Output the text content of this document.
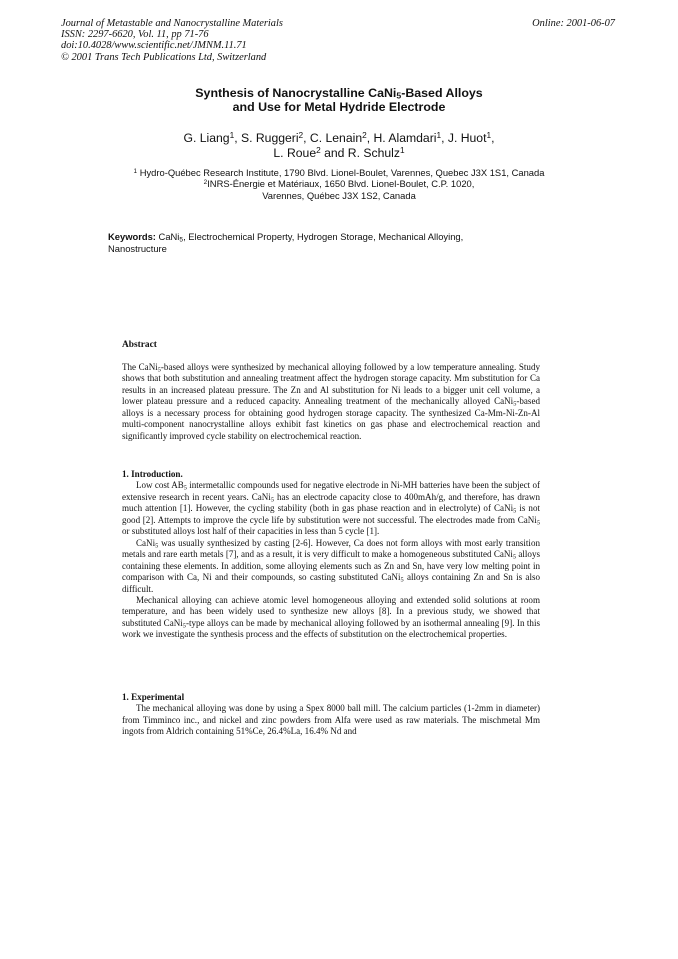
Journal of Metastable and Nanocrystalline Materials
ISSN: 2297-6620, Vol. 11, pp 71-76
doi:10.4028/www.scientific.net/JMNM.11.71
© 2001 Trans Tech Publications Ltd, Switzerland
Online: 2001-06-07
Synthesis of Nanocrystalline CaNi$_5$-Based Alloys
and Use for Metal Hydride Electrode
G. Liang$^1$, S. Ruggeri$^2$, C. Lenain$^2$, H. Alamdari$^1$, J. Huot$^1$,
L. Roue$^2$ and R. Schulz$^1$
$^1$ Hydro-Québec Research Institute, 1790 Blvd. Lionel-Boulet, Varennes, Quebec J3X 1S1, Canada
$^2$INRS-Énergie et Matériaux, 1650 Blvd. Lionel-Boulet, C.P. 1020,
Varennes, Québec J3X 1S2, Canada
Keywords: CaNi$_5$, Electrochemical Property, Hydrogen Storage, Mechanical Alloying,
Nanostructure
Abstract

The CaNi$_5$-based alloys were synthesized by mechanical alloying followed by a low temperature annealing. Study shows that both substitution and annealing treatment affect the hydrogen storage capacity. Mm substitution for Ca results in an increased plateau pressure. The Zn and Al substitution for Ni leads to a bigger unit cell volume, a lower plateau pressure and a reduced capacity. Annealing treatment of the mechanically alloyed CaNi$_5$-based alloys is a necessary process for obtaining good hydrogen storage capacity. The synthesized Ca-Mm-Ni-Zn-Al multi-component nanocrystalline alloys exhibit fast kinetics on gas phase and electrochemical reaction and significantly improved cycle stability on electrochemical reaction.

1. Introduction.

Low cost $AB_5$ intermetallic compounds used for negative electrode in Ni-MH batteries have been the subject of extensive research in recent years. CaNi$_5$ has an electrode capacity close to 400mAh/g, and therefore, has drawn much attention [1]. However, the cycling stability (both in gas phase reaction and in electrolyte) of CaNi$_5$ is not good [2]. Attempts to improve the cycle life by substitution were not successful. The electrodes made from CaNi$_5$ or substituted alloys lost half of their capacities in less than 5 cycle [1].

CaNi$_5$ was usually synthesized by casting [2-6]. However, Ca does not form alloys with most early transition metals and rare earth metals [7], and as a result, it is very difficult to make a homogeneous substituted CaNi$_5$ alloys containing these elements. In addition, some alloying elements such as Zn and Sn, have very low melting point in comparison with Ca, Ni and their compounds, so casting substituted CaNi$_5$ alloys containing Zn and Sn is also difficult.

Mechanical alloying can achieve atomic level homogeneous alloying and extended solid solutions at room temperature, and has been widely used to synthesize new alloys [8]. In a previous study, we showed that substituted CaNi$_5$-type alloys can be made by mechanical alloying followed by an isothermal annealing [9]. In this work we investigate the synthesis process and the effects of substitution on the electrochemical properties.

1. Experimental

The mechanical alloying was done by using a Spex 8000 ball mill. The calcium particles (1-2mm in diameter) from Timminco inc., and nickel and zinc powders from Alfa were used as raw materials. The mischmetal Mm ingots from Aldrich containing 51%Ce, 26.4%La, 16.4% Nd and
